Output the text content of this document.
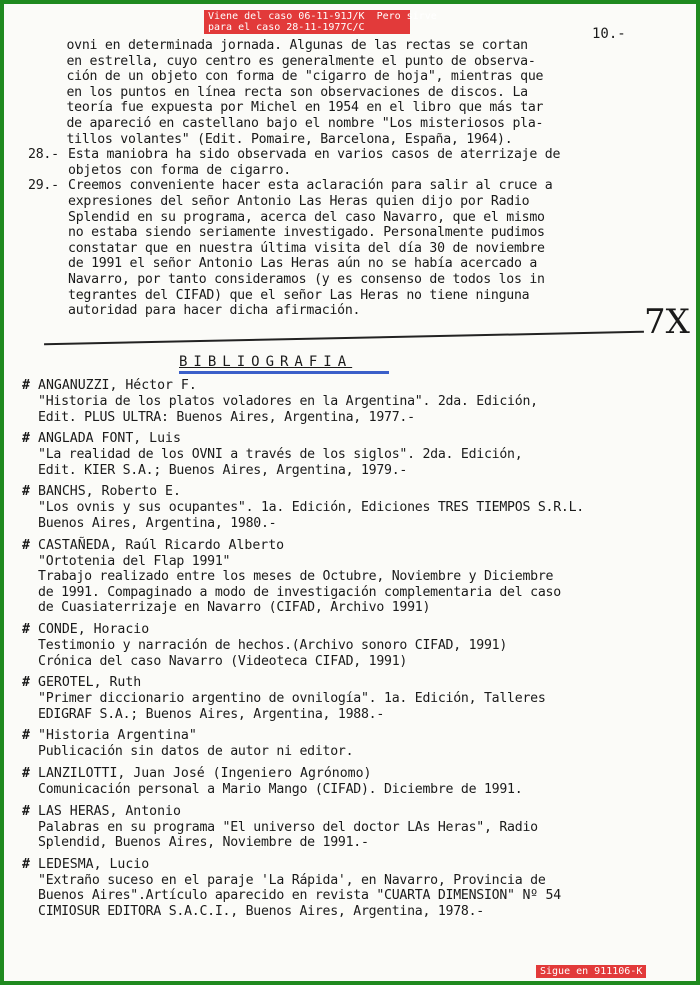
Viene del caso 06-11-91J/K  Pero sirve
para el caso 28-11-1977C/C	10.-
ovni en determinada jornada. Algunas de las rectas se cortan
en estrella, cuyo centro es generalmente el punto de observa-
ción de un objeto con forma de "cigarro de hoja", mientras que
en los puntos en línea recta son observaciones de discos. La
teoría fue expuesta por Michel en 1954 en el libro que más tar
de apareció en castellano bajo el nombre "Los misteriosos pla-
tillos volantes" (Edit. Pomaire, Barcelona, España, 1964).
28.- Esta maniobra ha sido observada en varios casos de aterrizaje de
objetos con forma de cigarro.
29.- Creemos conveniente hacer esta aclaración para salir al cruce a
expresiones del señor Antonio Las Heras quien dijo por Radio
Splendid en su programa, acerca del caso Navarro, que el mismo
no estaba siendo seriamente investigado. Personalmente pudimos
constatar que en nuestra última visita del día 30 de noviembre
de 1991 el señor Antonio Las Heras aún no se había acercado a
Navarro, por tanto consideramos (y es consenso de todos los in
tegrantes del CIFAD) que el señor Las Heras no tiene ninguna
autoridad para hacer dicha afirmación.	7X
BIBLIOGRAFIA
# ANGANUZZI, Héctor F.
"Historia de los platos voladores en la Argentina". 2da. Edición,
Edit. PLUS ULTRA: Buenos Aires, Argentina, 1977.-
# ANGLADA FONT, Luis
"La realidad de los OVNI a través de los siglos". 2da. Edición,
Edit. KIER S.A.; Buenos Aires, Argentina, 1979.-
# BANCHS, Roberto E.
"Los ovnis y sus ocupantes". 1a. Edición, Ediciones TRES TIEMPOS S.R.L.
Buenos Aires, Argentina, 1980.-
# CASTAÑEDA, Raúl Ricardo Alberto
"Ortotenia del Flap 1991"
Trabajo realizado entre los meses de Octubre, Noviembre y Diciembre
de 1991. Compaginado a modo de investigación complementaria del caso
de Cuasiaterrizaje en Navarro (CIFAD, Archivo 1991)
# CONDE, Horacio
Testimonio y narración de hechos.(Archivo sonoro CIFAD, 1991)
Crónica del caso Navarro (Videoteca CIFAD, 1991)
# GEROTEL, Ruth
"Primer diccionario argentino de ovnilogía". 1a. Edición, Talleres
EDIGRAF S.A.; Buenos Aires, Argentina, 1988.-
# "Historia Argentina"
Publicación sin datos de autor ni editor.
# LANZILOTTI, Juan José (Ingeniero Agrónomo)
Comunicación personal a Mario Mango (CIFAD). Diciembre de 1991.
# LAS HERAS, Antonio
Palabras en su programa "El universo del doctor LAs Heras", Radio
Splendid, Buenos Aires, Noviembre de 1991.-
# LEDESMA, Lucio
"Extraño suceso en el paraje 'La Rápida', en Navarro, Provincia de
Buenos Aires".Artículo aparecido en revista "CUARTA DIMENSION" Nº 54
CIMIOSUR EDITORA S.A.C.I., Buenos Aires, Argentina, 1978.-
Sigue en 911106-K
